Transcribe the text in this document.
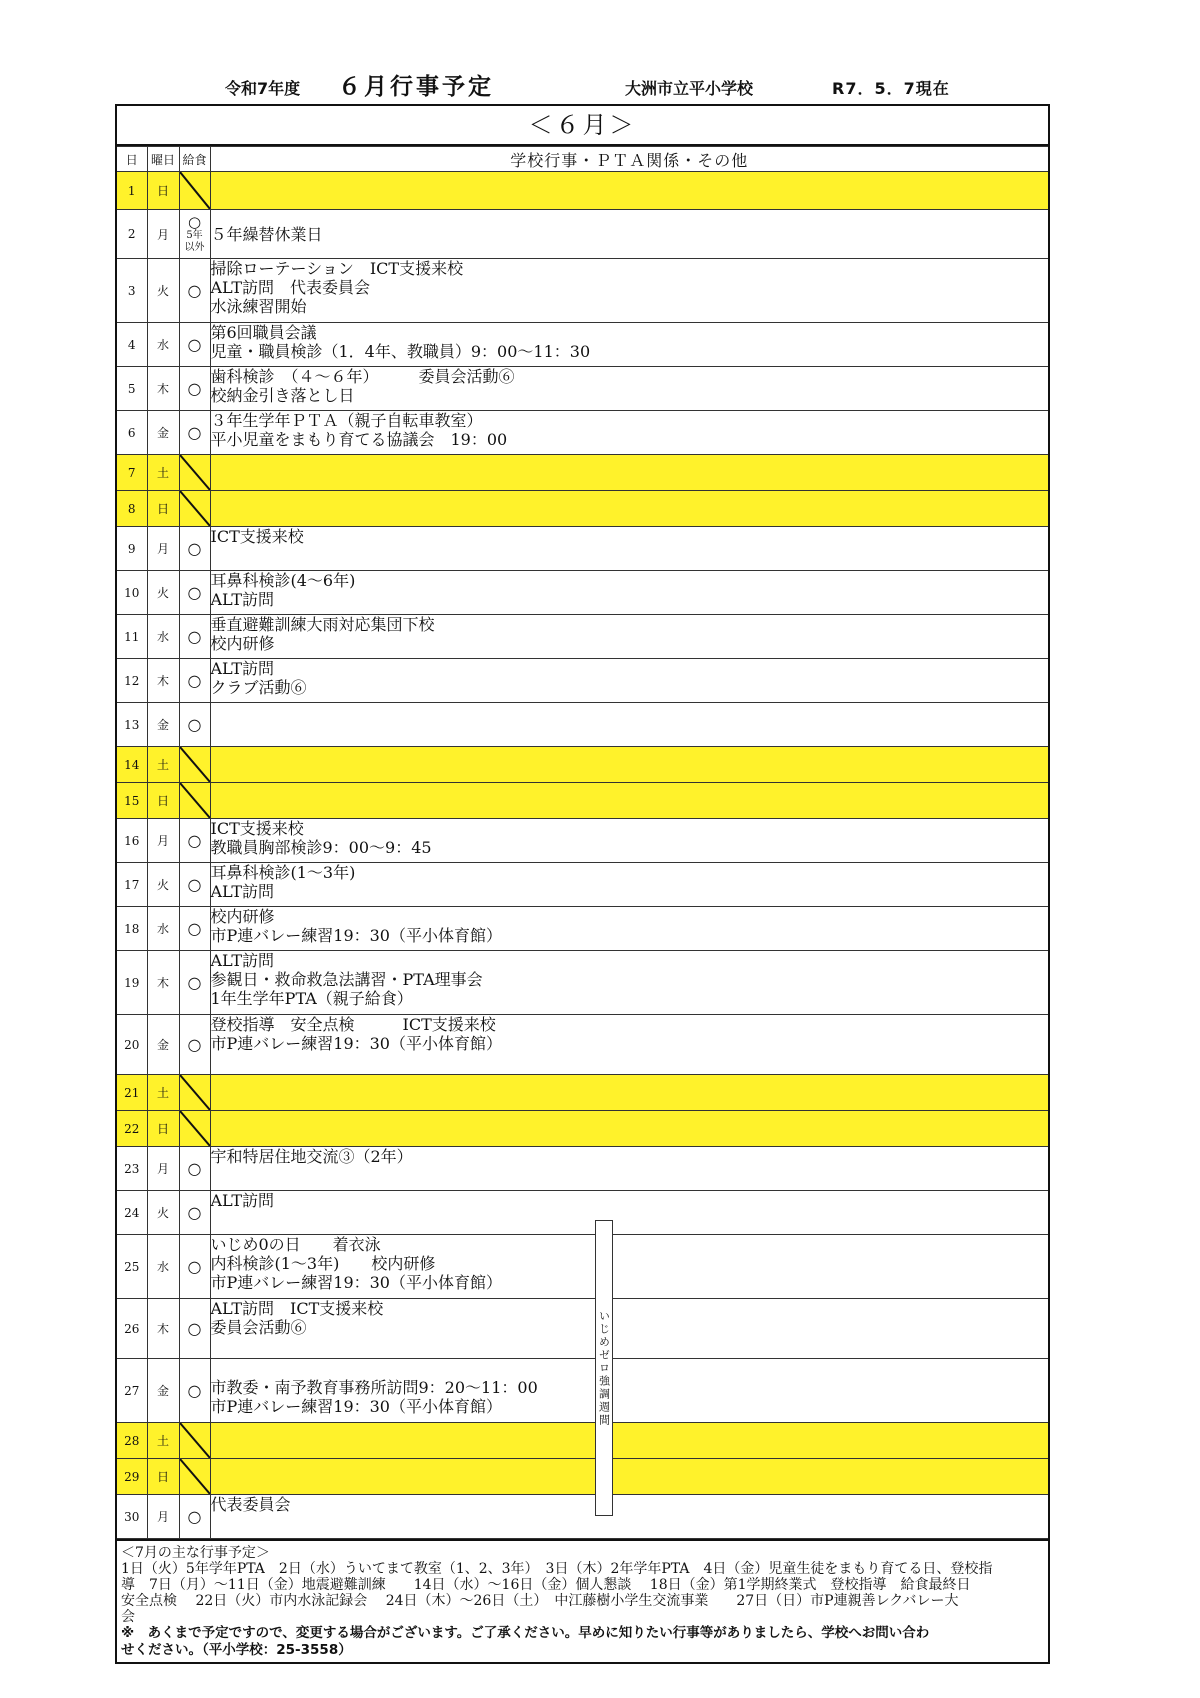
令和7年度 ６月行事予定	大洲市立平小学校	R7．5．7現在
＜６月＞
日	曜日	給食	学校行事・ＰＴＡ関係・その他
1	日	

2	月	○
5年
以外	５年繰替休業日

3	火	○	掃除ローテーション　ICT支援来校
ALT訪問　代表委員会
水泳練習開始

4	水	○	第6回職員会議
児童・職員検診（1．4年、教職員）9：00～11：30

5	木	○	歯科検診　（４～６年）　　　委員会活動⑥
校納金引き落とし日

6	金	○	３年生学年ＰＴＡ（親子自転車教室）
平小児童をまもり育てる協議会　19：00

7	土	

8	日	

9	月	○	ICT支援来校

10	火	○	耳鼻科検診(4～6年)
ALT訪問

11	水	○	垂直避難訓練大雨対応集団下校
校内研修

12	木	○	ALT訪問
クラブ活動⑥

13	金	○	
14	土	

15	日	

16	月	○	ICT支援来校
教職員胸部検診9：00～9：45

17	火	○	耳鼻科検診(1～3年)
ALT訪問

18	水	○	校内研修
市P連バレー練習19：30（平小体育館）

19	木	○	ALT訪問
参観日・救命救急法講習・PTA理事会
1年生学年PTA（親子給食）

20	金	○	登校指導　安全点検　　　ICT支援来校
市P連バレー練習19：30（平小体育館）

21	土	

22	日	

23	月	○	宇和特居住地交流③（2年）

24	火	○	ALT訪問

25	水	○	いじめ0の日　　着衣泳
内科検診(1～3年)　　校内研修
市P連バレー練習19：30（平小体育館）

26	木	○	ALT訪問　ICT支援来校
委員会活動⑥

27	金	○	市教委・南予教育事務所訪問9：20～11：00
市P連バレー練習19：30（平小体育館）

28	土	

29	日	

30	月	○	代表委員会
＜7月の主な行事予定＞
1日（火）5年学年PTA　2日（水）ういてまて教室（1、2、3年）　3日（木）2年学年PTA　4日（金）児童生徒をまもり育てる日、登校指
導　7日（月）～11日（金）地震避難訓練　　14日（水）～16日（金）個人懇談　 18日（金）第1学期終業式　登校指導　給食最終日
安全点検　 22日（火）市内水泳記録会　 24日（木）～26日（土）　中江藤樹小学生交流事業　　27日（日）市P連親善レクバレー大
会
※　あくまで予定ですので、変更する場合がございます。ご了承ください。早めに知りたい行事等がありましたら、学校へお問い合わ
せください。（平小学校：25-3558）
いじめゼロ強調週間
